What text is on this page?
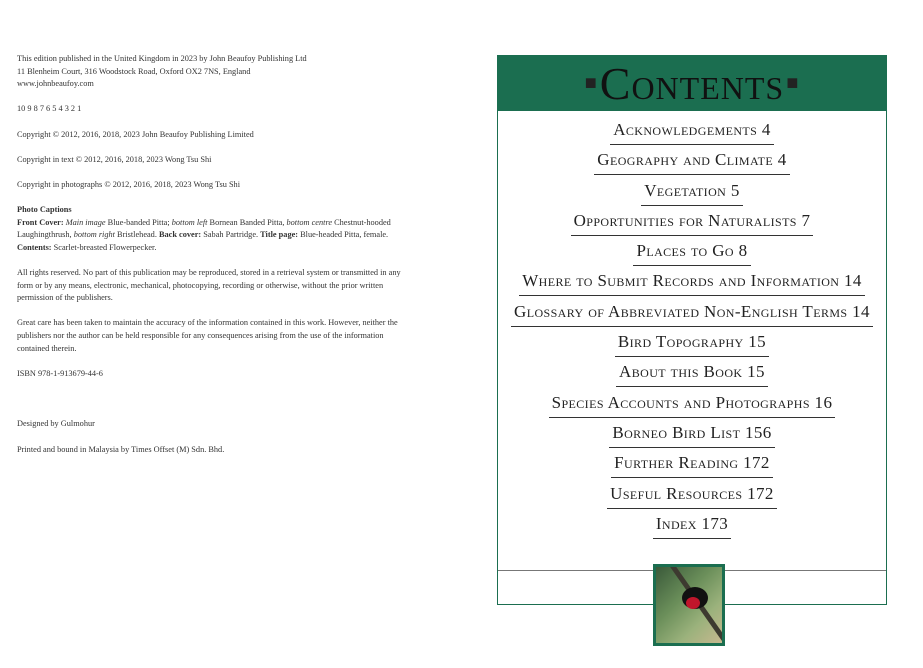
This edition published in the United Kingdom in 2023 by John Beaufoy Publishing Ltd
11 Blenheim Court, 316 Woodstock Road, Oxford OX2 7NS, England
www.johnbeaufoy.com

10 9 8 7 6 5 4 3 2 1

Copyright © 2012, 2016, 2018, 2023 John Beaufoy Publishing Limited

Copyright in text © 2012, 2016, 2018, 2023 Wong Tsu Shi

Copyright in photographs © 2012, 2016, 2018, 2023 Wong Tsu Shi

Photo Captions
Front Cover: Main image Blue-banded Pitta; bottom left Bornean Banded Pitta, bottom centre Chestnut-hooded Laughingthrush, bottom right Bristlehead. Back cover: Sabah Partridge. Title page: Blue-headed Pitta, female.
Contents: Scarlet-breasted Flowerpecker.

All rights reserved. No part of this publication may be reproduced, stored in a retrieval system or transmitted in any form or by any means, electronic, mechanical, photocopying, recording or otherwise, without the prior written permission of the publishers.

Great care has been taken to maintain the accuracy of the information contained in this work. However, neither the publishers nor the author can be held responsible for any consequences arising from the use of the information contained therein.

ISBN 978-1-913679-44-6

Designed by Gulmohur

Printed and bound in Malaysia by Times Offset (M) Sdn. Bhd.

■ Contents ■
Acknowledgements 4
Geography and Climate 4
Vegetation 5
Opportunities for Naturalists 7
Places to Go 8
Where to Submit Records and Information 14
Glossary of Abbreviated Non-English Terms 14
Bird Topography 15
About this Book 15
Species Accounts and Photographs 16
Borneo Bird List 156
Further Reading 172
Useful Resources 172
Index 173
